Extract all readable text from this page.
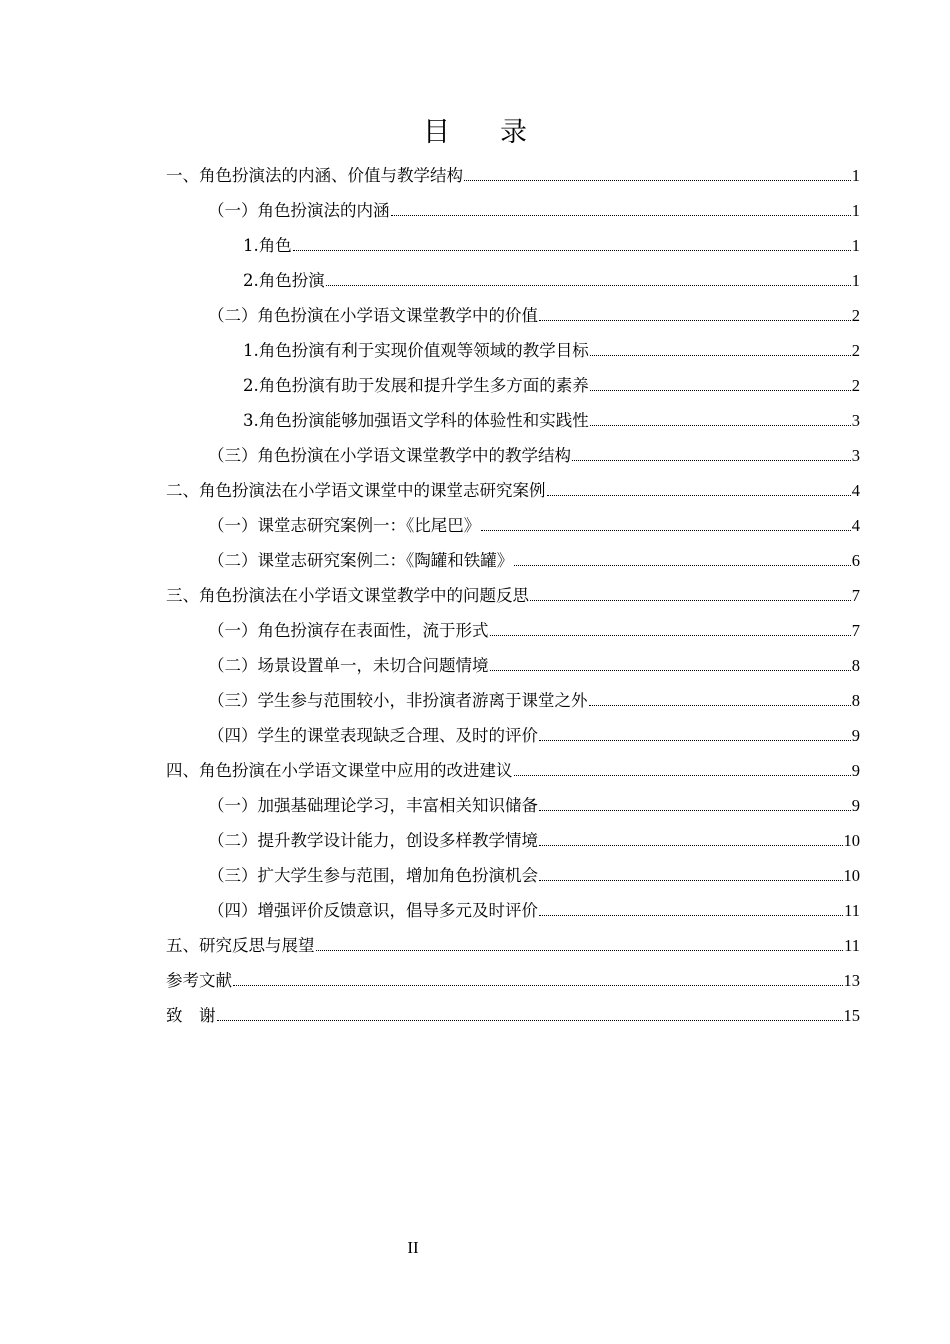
目录
一、角色扮演法的内涵、价值与教学结构	1
（一）角色扮演法的内涵	1
1.角色	1
2.角色扮演	1
（二）角色扮演在小学语文课堂教学中的价值	2
1.角色扮演有利于实现价值观等领域的教学目标	2
2.角色扮演有助于发展和提升学生多方面的素养	2
3.角色扮演能够加强语文学科的体验性和实践性	3
（三）角色扮演在小学语文课堂教学中的教学结构	3
二、角色扮演法在小学语文课堂中的课堂志研究案例	4
（一）课堂志研究案例一：《比尾巴》	4
（二）课堂志研究案例二：《陶罐和铁罐》	6
三、角色扮演法在小学语文课堂教学中的问题反思	7
（一）角色扮演存在表面性，流于形式	7
（二）场景设置单一，未切合问题情境	8
（三）学生参与范围较小，非扮演者游离于课堂之外	8
（四）学生的课堂表现缺乏合理、及时的评价	9
四、角色扮演在小学语文课堂中应用的改进建议	9
（一）加强基础理论学习，丰富相关知识储备	9
（二）提升教学设计能力，创设多样教学情境	10
（三）扩大学生参与范围，增加角色扮演机会	10
（四）增强评价反馈意识，倡导多元及时评价	11
五、研究反思与展望	11
参考文献	13
致　谢	15
II
